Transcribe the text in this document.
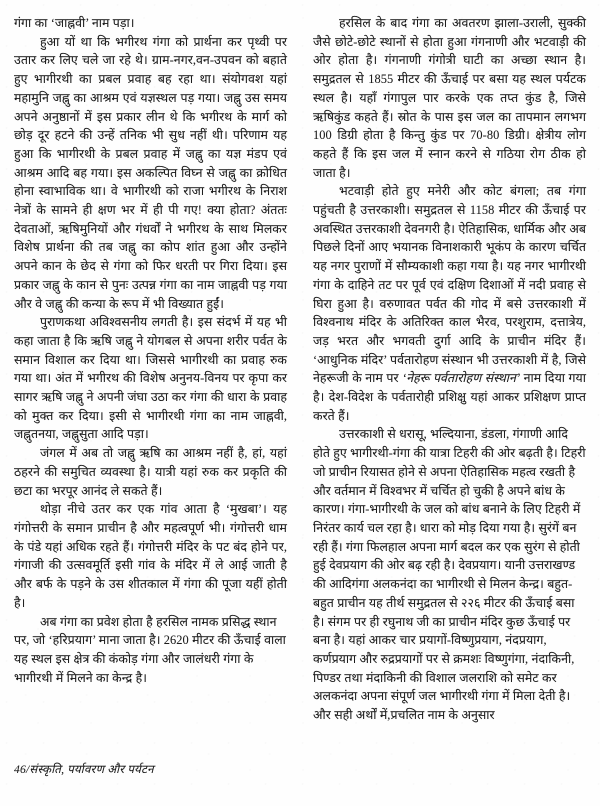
गंगा का ‘जाह्नवी’ नाम पड़ा।

हुआ यों था कि भगीरथ गंगा को प्रार्थना कर पृथ्वी पर उतार कर लिए चले जा रहे थे। ग्राम-नगर,वन-उपवन को बहाते हुए भागीरथी का प्रबल प्रवाह बह रहा था। संयोगवश यहां महामुनि जह्नु का आश्रम एवं यज्ञस्थल पड़ गया। जह्नु उस समय अपने अनुष्ठानों में इस प्रकार लीन थे कि भगीरथ के मार्ग को छोड़ दूर हटने की उन्हें तनिक भी सुध नहीं थी। परिणाम यह हुआ कि भागीरथी के प्रबल प्रवाह में जह्नु का यज्ञ मंडप एवं आश्रम आदि बह गया। इस अकल्पित विघ्न से जह्नु का क्रोधित होना स्वाभाविक था। वे भागीरथी को राजा भगीरथ के निराश नेत्रों के सामने ही क्षण भर में ही पी गए! क्या होता? अंततः देवताओं, ऋषिमुनियों और गंधर्वों ने भगीरथ के साथ मिलकर विशेष प्रार्थना की तब जह्नु का कोप शांत हुआ और उन्होंने अपने कान के छेद से गंगा को फिर धरती पर गिरा दिया। इस प्रकार जह्नु के कान से पुनः उत्पन्न गंगा का नाम जाह्नवी पड़ गया और वे जह्नु की कन्या के रूप में भी विख्यात हुईं।

पुराणकथा अविश्वसनीय लगती है। इस संदर्भ में यह भी कहा जाता है कि ऋषि जह्नु ने योगबल से अपना शरीर पर्वत के समान विशाल कर दिया था। जिससे भागीरथी का प्रवाह रुक गया था। अंत में भगीरथ की विशेष अनुनय-विनय पर कृपा कर सागर ऋषि जह्नु ने अपनी जंघा उठा कर गंगा की धारा के प्रवाह को मुक्त कर दिया। इसी से भागीरथी गंगा का नाम जाह्नवी, जह्नुतनया, जह्नुसुता आदि पड़ा।

जंगल में अब तो जह्नु ऋषि का आश्रम नहीं है, हां, यहां ठहरने की समुचित व्यवस्था है। यात्री यहां रुक कर प्रकृति की छटा का भरपूर आनंद ले सकते हैं।

थोड़ा नीचे उतर कर एक गांव आता है ‘मुखबा’। यह गंगोत्तरी के समान प्राचीन है और महत्वपूर्ण भी। गंगोत्तरी धाम के पंडे यहां अधिक रहते हैं। गंगोत्तरी मंदिर के पट बंद होने पर, गंगाजी की उत्सवमूर्ति इसी गांव के मंदिर में ले आई जाती है और बर्फ के पड़ने के उस शीतकाल में गंगा की पूजा यहीं होती है।

अब गंगा का प्रवेश होता है हरसिल नामक प्रसिद्ध स्थान पर, जो ‘हरिप्रयाग’ माना जाता है। 2620 मीटर की ऊँचाई वाला यह स्थल इस क्षेत्र की कंकोड़ गंगा और जालंधरी गंगा के भागीरथी में मिलने का केन्द्र है।

हरसिल के बाद गंगा का अवतरण झाला-उराली, सुक्की जैसे छोटे-छोटे स्थानों से होता हुआ गंगनाणी और भटवाड़ी की ओर होता है। गंगनाणी गंगोत्री घाटी का अच्छा स्थान है। समुद्रतल से 1855 मीटर की ऊँचाई पर बसा यह स्थल पर्यटक स्थल है। यहाँ गंगापुल पार करके एक तप्त कुंड है, जिसे ऋषिकुंड कहते हैं। स्रोत के पास इस जल का तापमान लगभग 100 डिग्री होता है किन्तु कुंड पर 70-80 डिग्री। क्षेत्रीय लोग कहते हैं कि इस जल में स्नान करने से गठिया रोग ठीक हो जाता है।

भटवाड़ी होते हुए मनेरी और कोट बंगला; तब गंगा पहुंचती है उत्तरकाशी। समुद्रतल से 1158 मीटर की ऊँचाई पर अवस्थित उत्तरकाशी देवनगरी है। ऐतिहासिक, धार्मिक और अब पिछले दिनों आए भयानक विनाशकारी भूकंप के कारण चर्चित यह नगर पुराणों में सौम्यकाशी कहा गया है। यह नगर भागीरथी गंगा के दाहिने तट पर पूर्व एवं दक्षिण दिशाओं में नदी प्रवाह से घिरा हुआ है। वरुणावत पर्वत की गोद में बसे उत्तरकाशी में विश्वनाथ मंदिर के अतिरिक्त काल भैरव, परशुराम, दत्तात्रेय, जड़ भरत और भगवती दुर्गा आदि के प्राचीन मंदिर हैं। ‘आधुनिक मंदिर’ पर्वतारोहण संस्थान भी उत्तरकाशी में है, जिसे नेहरूजी के नाम पर ‘नेहरू पर्वतारोहण संस्थान’ नाम दिया गया है। देश-विदेश के पर्वतारोही प्रशिक्षु यहां आकर प्रशिक्षण प्राप्त करते हैं।

उत्तरकाशी से धरासू, भल्दियाना, डंडला, गंगाणी आदि होते हुए भागीरथी-गंगा की यात्रा टिहरी की ओर बढ़ती है। टिहरी जो प्राचीन रियासत होने से अपना ऐतिहासिक महत्व रखती है और वर्तमान में विश्वभर में चर्चित हो चुकी है अपने बांध के कारण। गंगा-भागीरथी के जल को बांध बनाने के लिए टिहरी में निरंतर कार्य चल रहा है। धारा को मोड़ दिया गया है। सुरंगें बन रही हैं। गंगा फिलहाल अपना मार्ग बदल कर एक सुरंग से होती हुई देवप्रयाग की ओर बढ़ रही है। देवप्रयाग। यानी उत्तराखण्ड की आदिगंगा अलकनंदा का भागीरथी से मिलन केन्द्र। बहुत-बहुत प्राचीन यह तीर्थ समुद्रतल से २२६ मीटर की ऊँचाई बसा है। संगम पर ही रघुनाथ जी का प्राचीन मंदिर कुछ ऊँचाई पर बना है। यहां आकर चार प्रयागों-विष्णुप्रयाग, नंदप्रयाग, कर्णप्रयाग और रुद्रप्रयागों पर से क्रमशः विष्णुगंगा, नंदाकिनी, पिण्डर तथा मंदाकिनी की विशाल जलराशि को समेट कर अलकनंदा अपना संपूर्ण जल भागीरथी गंगा में मिला देती है। और सही अर्थों में,प्रचलित नाम के अनुसार

46/संस्कृति, पर्यावरण और पर्यटन
